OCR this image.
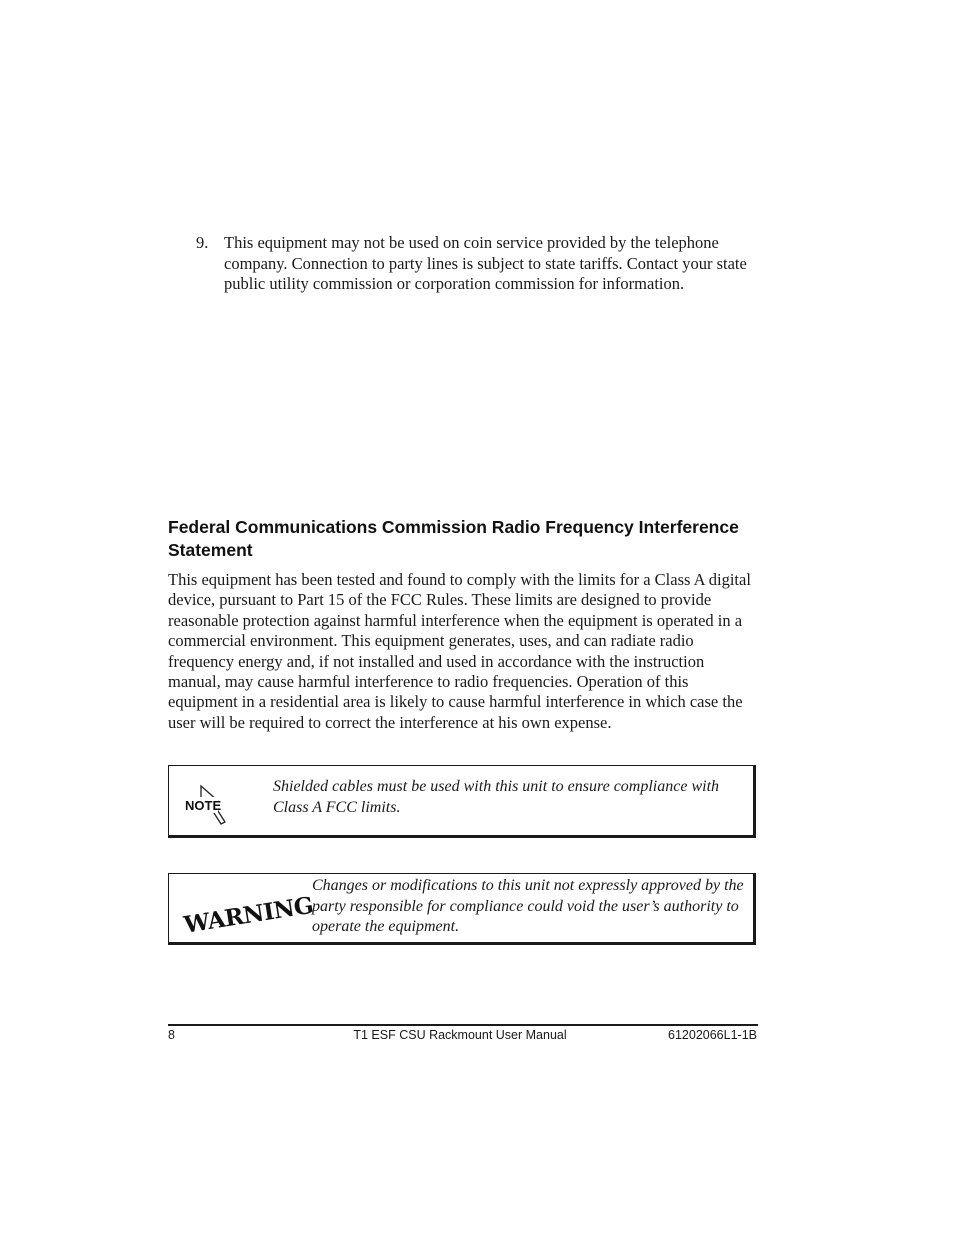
9. This equipment may not be used on coin service provided by the telephone company. Connection to party lines is subject to state tariffs. Contact your state public utility commission or corporation commission for information.
Federal Communications Commission Radio Frequency Interference Statement
This equipment has been tested and found to comply with the limits for a Class A digital device, pursuant to Part 15 of the FCC Rules. These limits are designed to provide reasonable protection against harmful interference when the equipment is operated in a commercial environment. This equipment generates, uses, and can radiate radio frequency energy and, if not installed and used in accordance with the instruction manual, may cause harmful interference to radio frequencies. Operation of this equipment in a residential area is likely to cause harmful interference in which case the user will be required to correct the interference at his own expense.
NOTE
Shielded cables must be used with this unit to ensure compliance with Class A FCC limits.
WARNING
Changes or modifications to this unit not expressly approved by the party responsible for compliance could void the user’s authority to operate the equipment.
8	T1 ESF CSU Rackmount User Manual	61202066L1-1B
